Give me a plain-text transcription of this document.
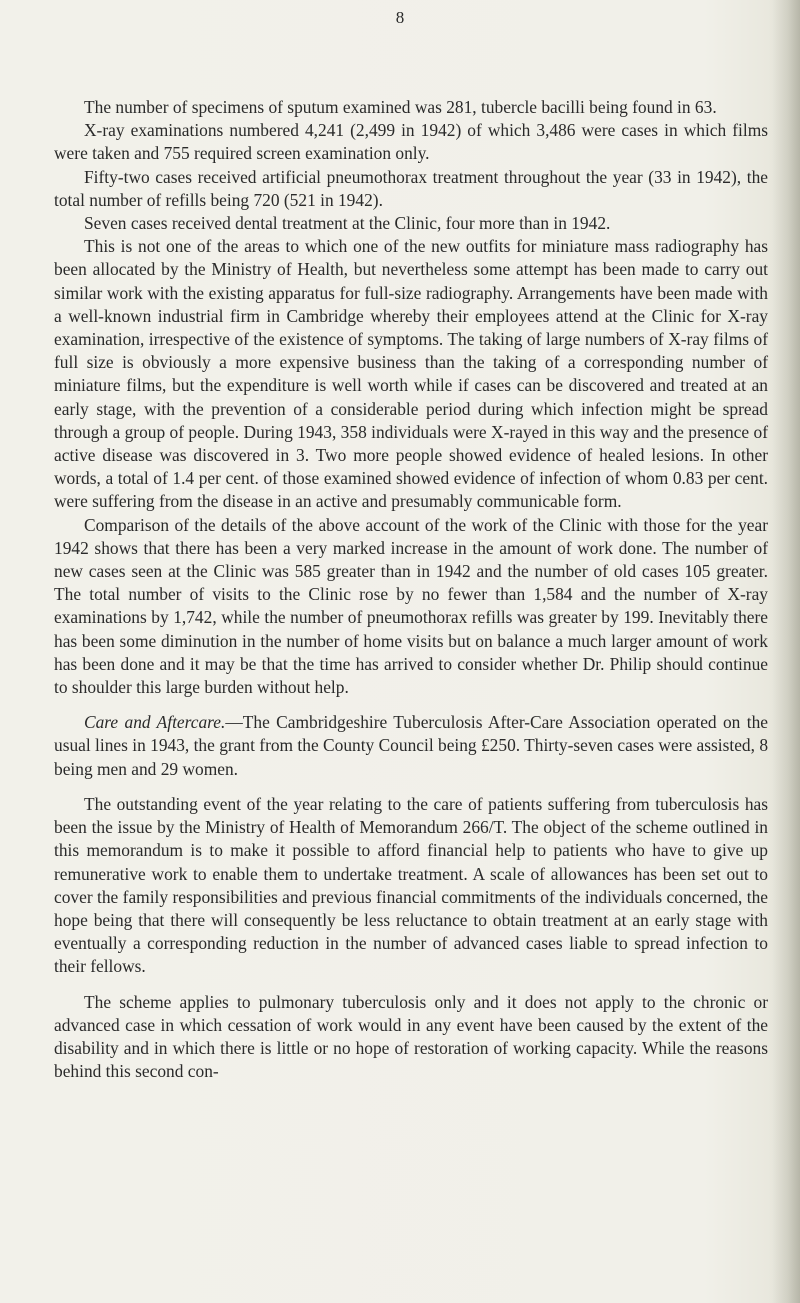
8

The number of specimens of sputum examined was 281, tubercle bacilli being found in 63.

X-ray examinations numbered 4,241 (2,499 in 1942) of which 3,486 were cases in which films were taken and 755 required screen examination only.

Fifty-two cases received artificial pneumothorax treatment throughout the year (33 in 1942), the total number of refills being 720 (521 in 1942).

Seven cases received dental treatment at the Clinic, four more than in 1942.

This is not one of the areas to which one of the new outfits for miniature mass radiography has been allocated by the Ministry of Health, but nevertheless some attempt has been made to carry out similar work with the existing apparatus for full-size radiography. Arrangements have been made with a well-known industrial firm in Cambridge whereby their employees attend at the Clinic for X-ray examination, irrespective of the existence of symptoms. The taking of large numbers of X-ray films of full size is obviously a more expensive business than the taking of a corresponding number of miniature films, but the expenditure is well worth while if cases can be discovered and treated at an early stage, with the prevention of a considerable period during which infection might be spread through a group of people. During 1943, 358 individuals were X-rayed in this way and the presence of active disease was discovered in 3. Two more people showed evidence of healed lesions. In other words, a total of 1.4 per cent. of those examined showed evidence of infection of whom 0.83 per cent. were suffering from the disease in an active and presumably communicable form.

Comparison of the details of the above account of the work of the Clinic with those for the year 1942 shows that there has been a very marked increase in the amount of work done. The number of new cases seen at the Clinic was 585 greater than in 1942 and the number of old cases 105 greater. The total number of visits to the Clinic rose by no fewer than 1,584 and the number of X-ray examinations by 1,742, while the number of pneumothorax refills was greater by 199. Inevitably there has been some diminution in the number of home visits but on balance a much larger amount of work has been done and it may be that the time has arrived to consider whether Dr. Philip should continue to shoulder this large burden without help.

Care and Aftercare.—The Cambridgeshire Tuberculosis After-Care Association operated on the usual lines in 1943, the grant from the County Council being £250. Thirty-seven cases were assisted, 8 being men and 29 women.

The outstanding event of the year relating to the care of patients suffering from tuberculosis has been the issue by the Ministry of Health of Memorandum 266/T. The object of the scheme outlined in this memorandum is to make it possible to afford financial help to patients who have to give up remunerative work to enable them to undertake treatment. A scale of allowances has been set out to cover the family responsibilities and previous financial commitments of the individuals concerned, the hope being that there will consequently be less reluctance to obtain treatment at an early stage with eventually a corresponding reduction in the number of advanced cases liable to spread infection to their fellows.

The scheme applies to pulmonary tuberculosis only and it does not apply to the chronic or advanced case in which cessation of work would in any event have been caused by the extent of the disability and in which there is little or no hope of restoration of working capacity. While the reasons behind this second con-
